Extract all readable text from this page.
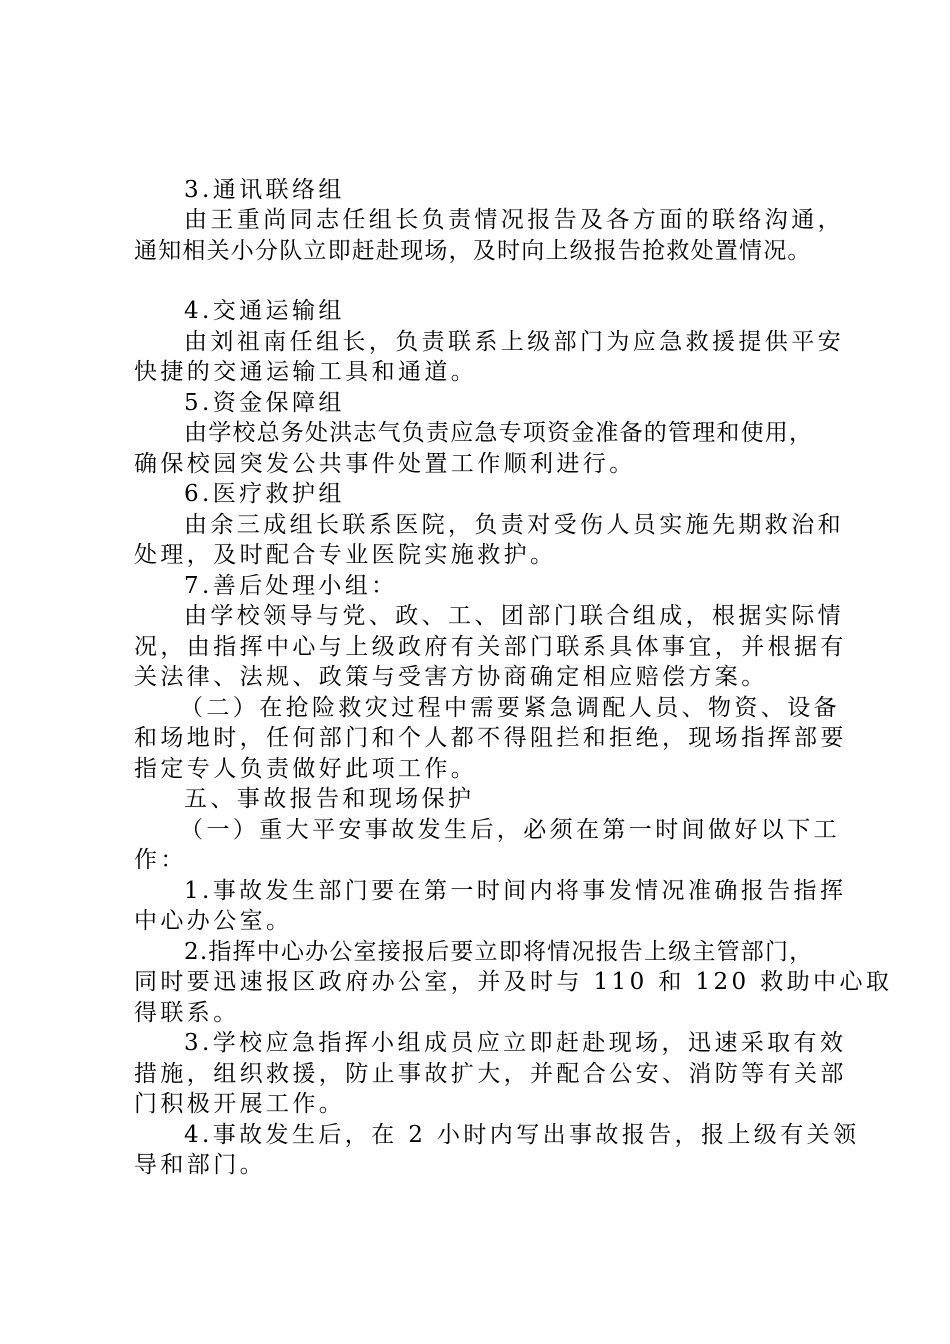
3.通讯联络组
由王重尚同志任组长负责情况报告及各方面的联络沟通，
通知相关小分队立即赶赴现场，及时向上级报告抢救处置情况。
4.交通运输组
由刘祖南任组长，负责联系上级部门为应急救援提供平安
快捷的交通运输工具和通道。
5.资金保障组
由学校总务处洪志气负责应急专项资金准备的管理和使用，
确保校园突发公共事件处置工作顺利进行。
6.医疗救护组
由余三成组长联系医院，负责对受伤人员实施先期救治和
处理，及时配合专业医院实施救护。
7.善后处理小组：
由学校领导与党、政、工、团部门联合组成，根据实际情
况，由指挥中心与上级政府有关部门联系具体事宜，并根据有
关法律、法规、政策与受害方协商确定相应赔偿方案。
（二）在抢险救灾过程中需要紧急调配人员、物资、设备
和场地时，任何部门和个人都不得阻拦和拒绝，现场指挥部要
指定专人负责做好此项工作。
五、事故报告和现场保护
（一）重大平安事故发生后，必须在第一时间做好以下工
作：
1.事故发生部门要在第一时间内将事发情况准确报告指挥
中心办公室。
2.指挥中心办公室接报后要立即将情况报告上级主管部门，
同时要迅速报区政府办公室，并及时与 110 和 120 救助中心取
得联系。
3.学校应急指挥小组成员应立即赶赴现场，迅速采取有效
措施，组织救援，防止事故扩大，并配合公安、消防等有关部
门积极开展工作。
4.事故发生后，在 2 小时内写出事故报告，报上级有关领
导和部门。
